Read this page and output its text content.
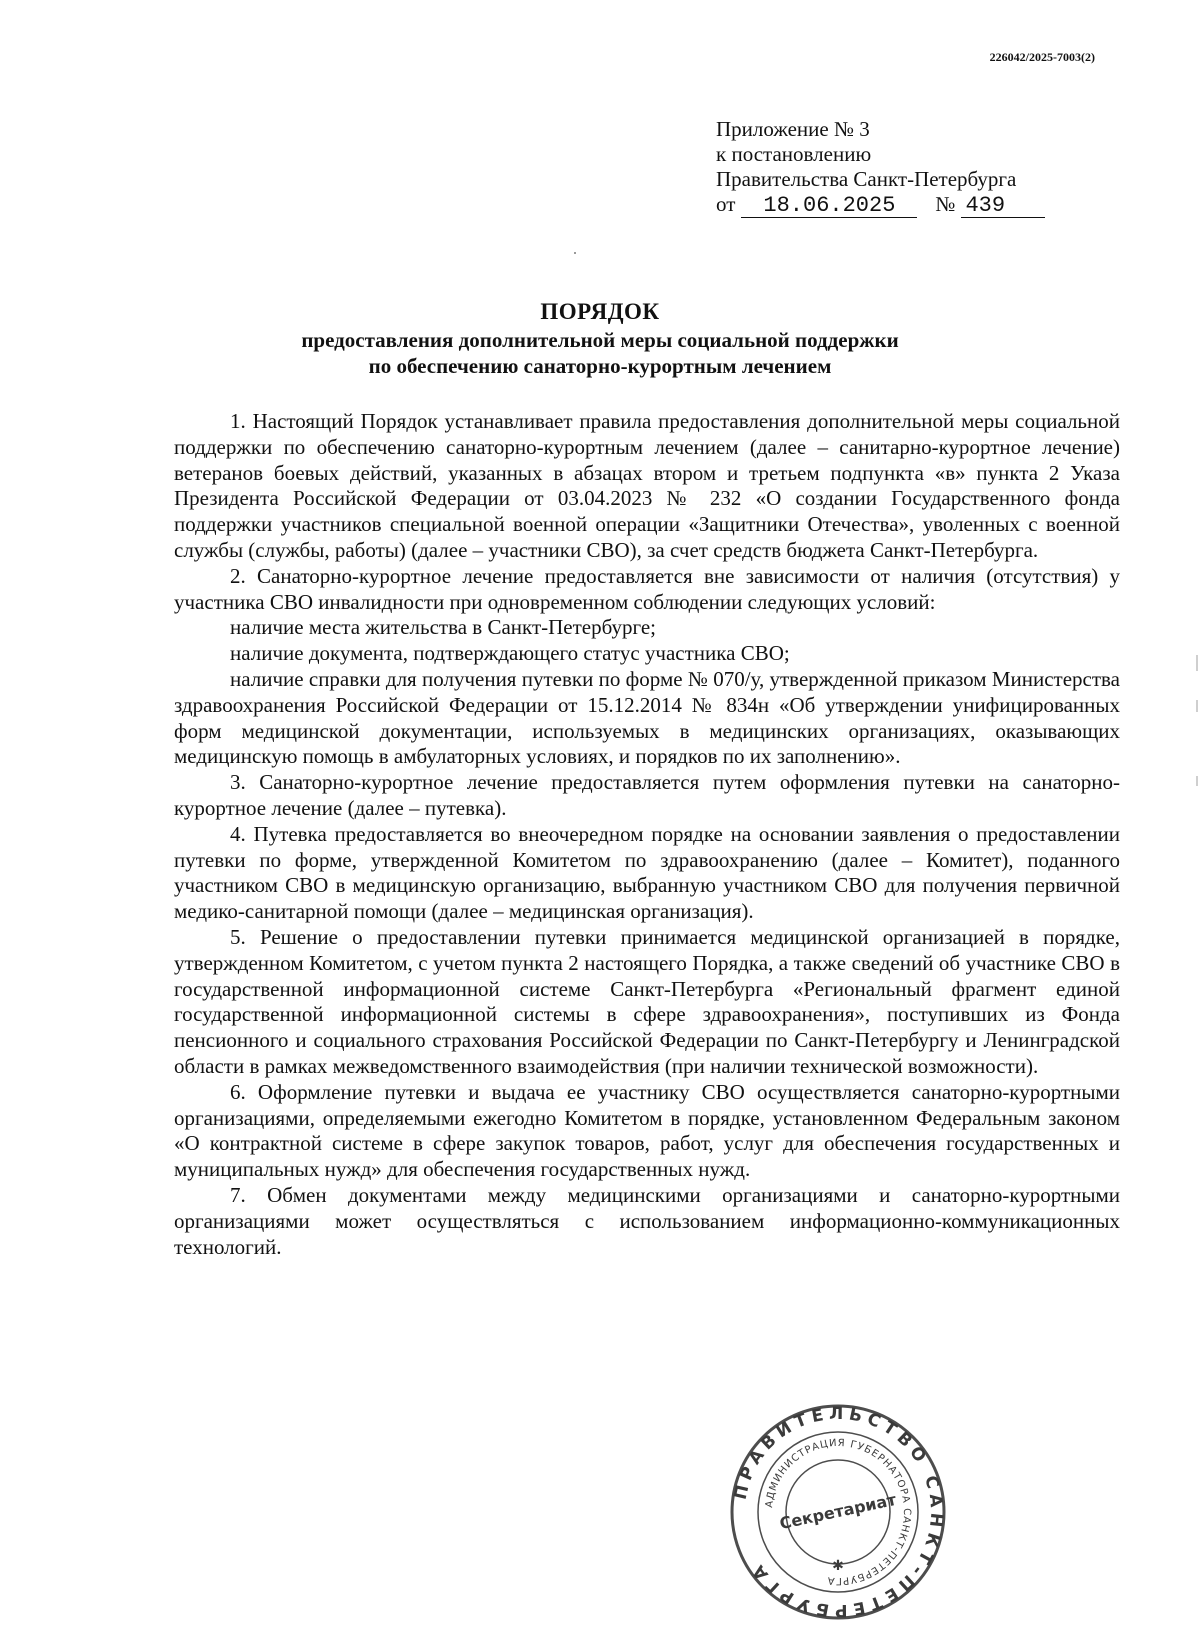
226042/2025-7003(2)
Приложение № 3
к постановлению
Правительства Санкт-Петербурга
от 18.06.2025 № 439
ПОРЯДОК
предоставления дополнительной меры социальной поддержки
по обеспечению санаторно-курортным лечением

1. Настоящий Порядок устанавливает правила предоставления дополнительной меры социальной поддержки по обеспечению санаторно-курортным лечением (далее – санитарно-курортное лечение) ветеранов боевых действий, указанных в абзацах втором и третьем подпункта «в» пункта 2 Указа Президента Российской Федерации от 03.04.2023 № 232 «О создании Государственного фонда поддержки участников специальной военной операции «Защитники Отечества», уволенных с военной службы (службы, работы) (далее – участники СВО), за счет средств бюджета Санкт-Петербурга.

2. Санаторно-курортное лечение предоставляется вне зависимости от наличия (отсутствия) у участника СВО инвалидности при одновременном соблюдении следующих условий:

наличие места жительства в Санкт-Петербурге;

наличие документа, подтверждающего статус участника СВО;

наличие справки для получения путевки по форме № 070/у, утвержденной приказом Министерства здравоохранения Российской Федерации от 15.12.2014 № 834н «Об утверждении унифицированных форм медицинской документации, используемых в медицинских организациях, оказывающих медицинскую помощь в амбулаторных условиях, и порядков по их заполнению».

3. Санаторно-курортное лечение предоставляется путем оформления путевки на санаторно-курортное лечение (далее – путевка).

4. Путевка предоставляется во внеочередном порядке на основании заявления о предоставлении путевки по форме, утвержденной Комитетом по здравоохранению (далее – Комитет), поданного участником СВО в медицинскую организацию, выбранную участником СВО для получения первичной медико-санитарной помощи (далее – медицинская организация).

5. Решение о предоставлении путевки принимается медицинской организацией в порядке, утвержденном Комитетом, с учетом пункта 2 настоящего Порядка, а также сведений об участнике СВО в государственной информационной системе Санкт-Петербурга «Региональный фрагмент единой государственной информационной системы в сфере здравоохранения», поступивших из Фонда пенсионного и социального страхования Российской Федерации по Санкт-Петербургу и Ленинградской области в рамках межведомственного взаимодействия (при наличии технической возможности).

6. Оформление путевки и выдача ее участнику СВО осуществляется санаторно-курортными организациями, определяемыми ежегодно Комитетом в порядке, установленном Федеральным законом «О контрактной системе в сфере закупок товаров, работ, услуг для обеспечения государственных и муниципальных нужд» для обеспечения государственных нужд.

7. Обмен документами между медицинскими организациями и санаторно-курортными организациями может осуществляться с использованием информационно-коммуникационных технологий.

ПРАВИТЕЛЬСТВО САНКТ-ПЕТЕРБУРГА
АДМИНИСТРАЦИЯ ГУБЕРНАТОРА САНКТ-ПЕТЕРБУРГА
Секретариат
✱
